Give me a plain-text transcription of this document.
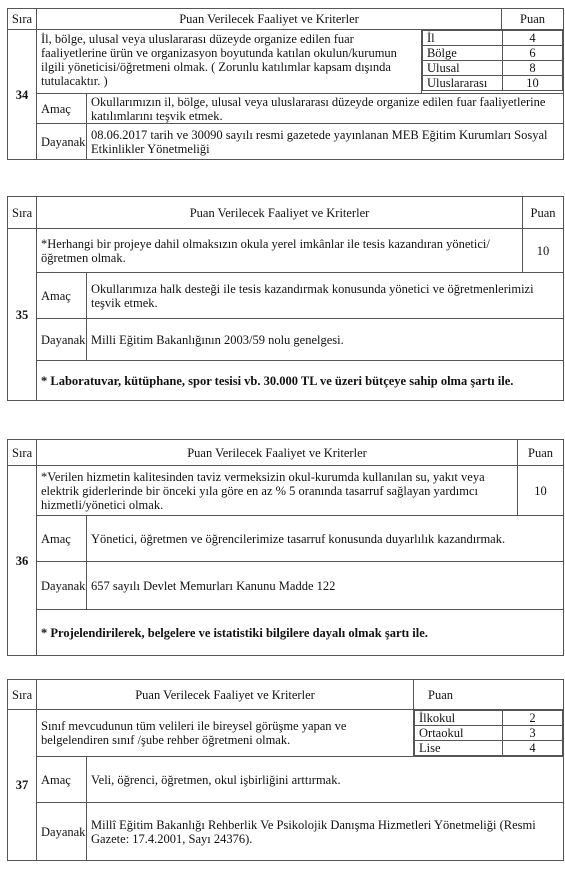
Sıra	Puan Verilecek Faaliyet ve Kriterler	Puan
34	İl, bölge, ulusal veya uluslararası düzeyde organize edilen fuar faaliyetlerine ürün ve organizasyon boyutunda katılan okulun/kurumun ilgili yöneticisi/öğretmeni olmak. ( Zorunlu katılımlar kapsam dışında tutulacaktır. )	
İl	4
Bölge	6
Ulusal	8
Uluslararası	10

Amaç	Okullarımızın il, bölge, ulusal veya uluslararası düzeyde organize edilen fuar faaliyetlerine katılımlarını teşvik etmek.
Dayanak	08.06.2017 tarih ve 30090 sayılı resmi gazetede yayınlanan MEB Eğitim Kurumları Sosyal Etkinlikler Yönetmeliği
Sıra	Puan Verilecek Faaliyet ve Kriterler		Puan
35	*Herhangi bir projeye dahil olmaksızın okula yerel imkânlar ile tesis kazandıran yönetici/öğretmen olmak.		10
	Amaç	Okullarımıza halk desteği ile tesis kazandırmak konusunda yönetici ve öğretmenlerimizi teşvik etmek.	
	Dayanak	Milli Eğitim Bakanlığının 2003/59 nolu genelgesi.	
	* Laboratuvar, kütüphane, spor tesisi vb. 30.000 TL ve üzeri bütçeye sahip olma şartı ile.		
Sıra	Puan Verilecek Faaliyet ve Kriterler		Puan
36	*Verilen hizmetin kalitesinden taviz vermeksizin okul-kurumda kullanılan su, yakıt veya elektrik giderlerinde bir önceki yıla göre en az % 5 oranında tasarruf sağlayan yardımcı hizmetli/yönetici olmak.		10
	Amaç	Yönetici, öğretmen ve öğrencilerimize tasarruf konusunda duyarlılık kazandırmak.	
	Dayanak	657 sayılı Devlet Memurları Kanunu Madde 122	
	* Projelendirilerek, belgelere ve istatistiki bilgilere dayalı olmak şartı ile.		
Sıra	Puan Verilecek Faaliyet ve Kriterler	Puan
37	Sınıf mevcudunun tüm velileri ile bireysel görüşme yapan ve belgelendiren sınıf /şube rehber öğretmeni olmak.	
İlkokul	2
Ortaokul	3
Lise	4

Amaç	Veli, öğrenci, öğretmen, okul işbirliğini arttırmak.
Dayanak	Millî Eğitim Bakanlığı Rehberlik Ve Psikolojik Danışma Hizmetleri Yönetmeliği (Resmi Gazete: 17.4.2001, Sayı 24376).
